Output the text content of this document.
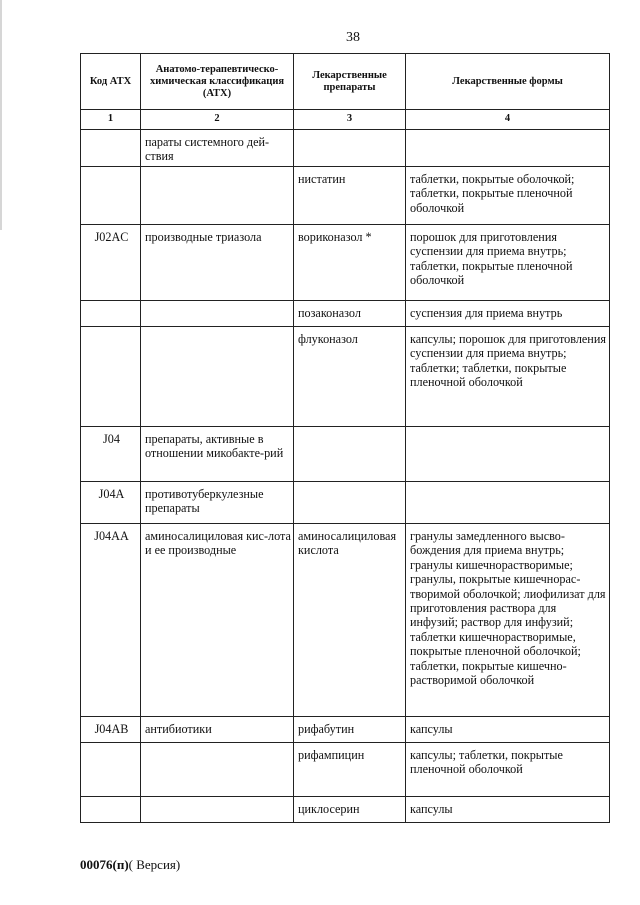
38
Код ATX	Анатомо-терапевтическо-химическая классификация (АТХ)	Лекарственные препараты	Лекарственные формы
1	2	3	4
	параты системного дей-ствия		
		нистатин	таблетки, покрытые оболочкой; таблетки, покрытые пленочной оболочкой
J02AC	производные триазола	вориконазол *	порошок для приготовления суспензии для приема внутрь; таблетки, покрытые пленочной оболочкой
		позаконазол	суспензия для приема внутрь
		флуконазол	капсулы; порошок для приготовления суспензии для приема внутрь; таблетки; таблетки, покрытые пленочной оболочкой
J04	препараты, активные в отношении микобакте-рий		
J04A	противотуберкулезные препараты		
J04AA	аминосалициловая кис-лота и ее производные	аминосалициловая кислота	гранулы замедленного высво-бождения для приема внутрь; гранулы кишечнорастворимые; гранулы, покрытые кишечнорас-творимой оболочкой; лиофилизат для приготовления раствора для инфузий; раствор для инфузий; таблетки кишечнорастворимые, покрытые пленочной оболочкой; таблетки, покрытые кишечно-растворимой оболочкой
J04AB	антибиотики	рифабутин	капсулы
		рифампицин	капсулы; таблетки, покрытые пленочной оболочкой
		циклосерин	капсулы
00076(п)( Версия)
